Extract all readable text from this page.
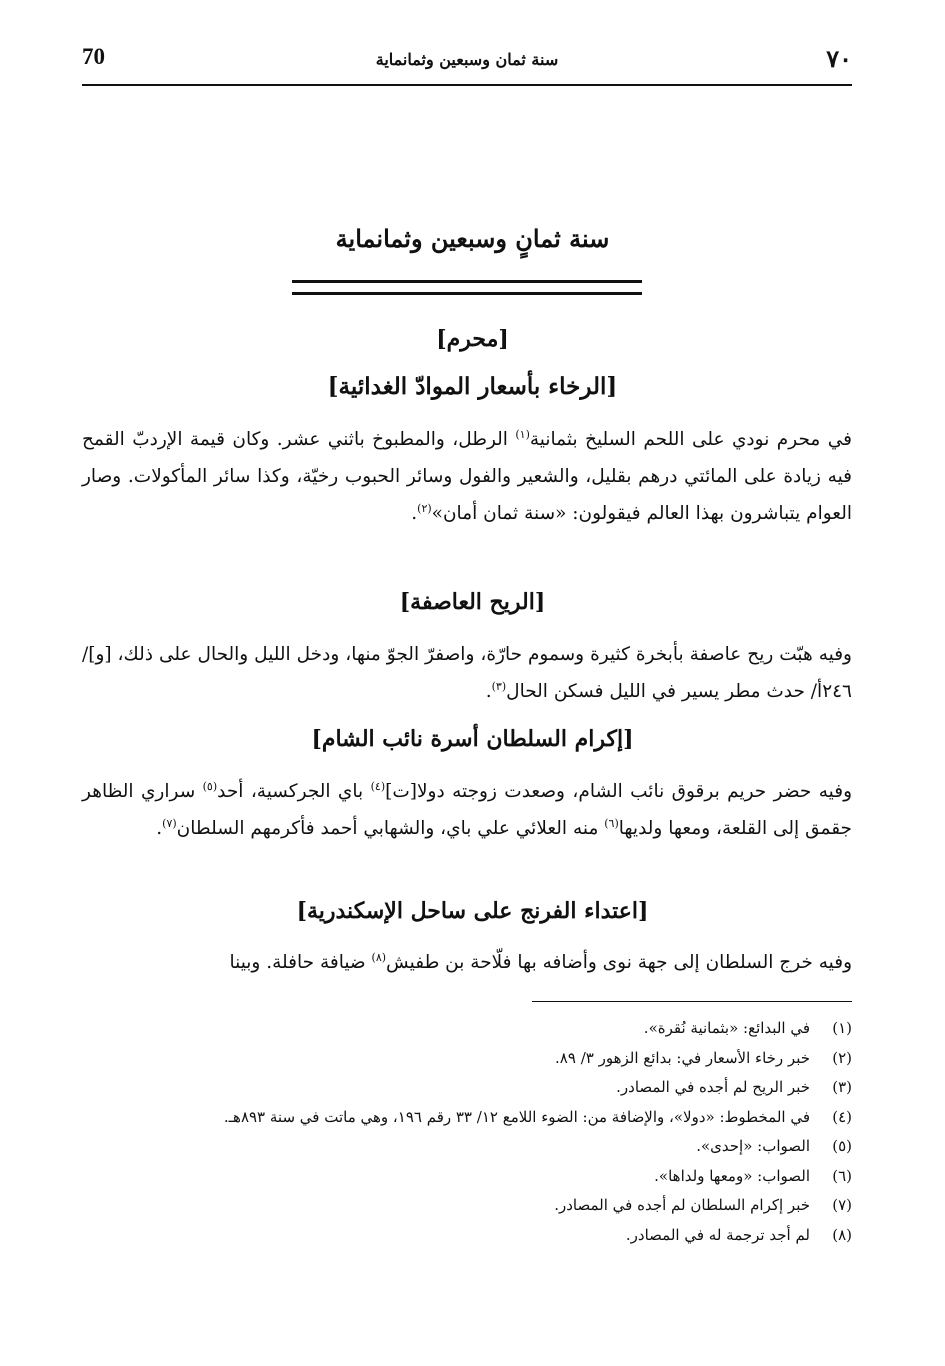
٧٠
سنة ثمان وسبعين وثمانماية
70
سنة ثمانٍ وسبعين وثمانماية
[محرم]
[الرخاء بأسعار الموادّ الغدائية]
في محرم نودي على اللحم السليخ بثمانية$^{(١)}$ الرطل، والمطبوخ باثني عشر. وكان قيمة الإردبّ القمح فيه زيادة على المائتي درهم بقليل، والشعير والفول وسائر الحبوب رخيّة، وكذا سائر المأكولات. وصار العوام يتباشرون بهذا العالم فيقولون: «سنة ثمان أمان»$^{(٢)}$.
[الريح العاصفة]
وفيه هبّت ريح عاصفة بأبخرة كثيرة وسموم حارّة، واصفرّ الجوّ منها، ودخل الليل والحال على ذلك، [و]/ ٢٤٦أ/ حدث مطر يسير في الليل فسكن الحال$^{(٣)}$.
[إكرام السلطان أسرة نائب الشام]
وفيه حضر حريم برقوق نائب الشام، وصعدت زوجته دولا[ت]$^{(٤)}$ باي الجركسية، أحد$^{(٥)}$ سراري الظاهر جقمق إلى القلعة، ومعها ولديها$^{(٦)}$ منه العلائي علي باي، والشهابي أحمد فأكرمهم السلطان$^{(٧)}$.
[اعتداء الفرنج على ساحل الإسكندرية]
وفيه خرج السلطان إلى جهة نوى وأضافه بها فلّاحة بن طفيش$^{(٨)}$ ضيافة حافلة. وبينا
(١)
في البدائع: «بثمانية نُقرة».
(٢)
خبر رخاء الأسعار في: بدائع الزهور ٣/ ٨٩.
(٣)
خبر الريح لم أجده في المصادر.
(٤)
في المخطوط: «دولا»، والإضافة من: الضوء اللامع ١٢/ ٣٣ رقم ١٩٦، وهي ماتت في سنة ٨٩٣هـ.
(٥)
الصواب: «إحدى».
(٦)
الصواب: «ومعها ولداها».
(٧)
خبر إكرام السلطان لم أجده في المصادر.
(٨)
لم أجد ترجمة له في المصادر.
